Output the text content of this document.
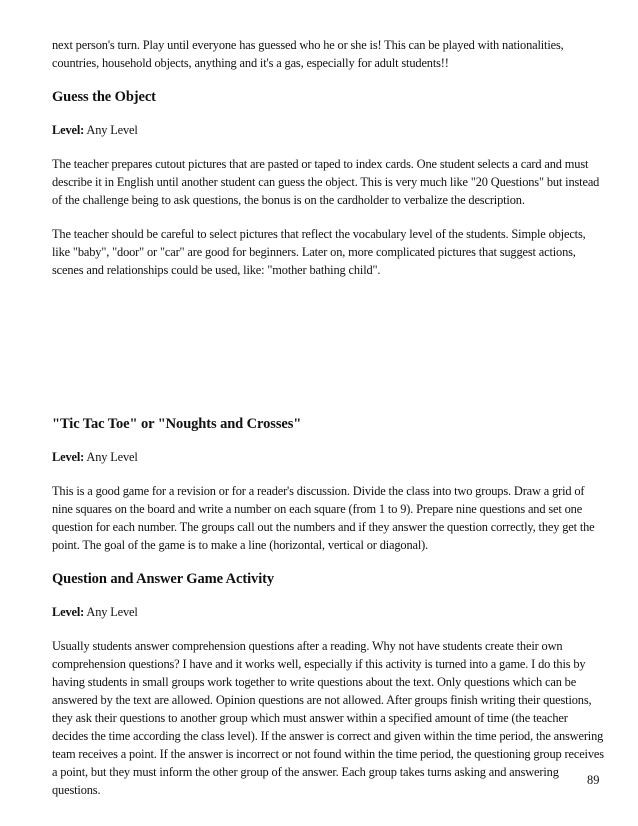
next person's turn. Play until everyone has guessed who he or she is! This can be played with nationalities, countries, household objects, anything and it's a gas, especially for adult students!!

Guess the Object

Level: Any Level

The teacher prepares cutout pictures that are pasted or taped to index cards. One student selects a card and must describe it in English until another student can guess the object. This is very much like "20 Questions" but instead of the challenge being to ask questions, the bonus is on the cardholder to verbalize the description.

The teacher should be careful to select pictures that reflect the vocabulary level of the students. Simple objects, like "baby", "door" or "car" are good for beginners. Later on, more complicated pictures that suggest actions, scenes and relationships could be used, like: "mother bathing child".

"Tic Tac Toe" or "Noughts and Crosses"

Level: Any Level

This is a good game for a revision or for a reader's discussion. Divide the class into two groups. Draw a grid of nine squares on the board and write a number on each square (from 1 to 9). Prepare nine questions and set one question for each number. The groups call out the numbers and if they answer the question correctly, they get the point. The goal of the game is to make a line (horizontal, vertical or diagonal).

Question and Answer Game Activity

Level: Any Level

Usually students answer comprehension questions after a reading. Why not have students create their own comprehension questions? I have and it works well, especially if this activity is turned into a game. I do this by having students in small groups work together to write questions about the text. Only questions which can be answered by the text are allowed. Opinion questions are not allowed. After groups finish writing their questions, they ask their questions to another group which must answer within a specified amount of time (the teacher decides the time according the class level). If the answer is correct and given within the time period, the answering team receives a point. If the answer is incorrect or not found within the time period, the questioning group receives a point, but they must inform the other group of the answer. Each group takes turns asking and answering questions.

89
